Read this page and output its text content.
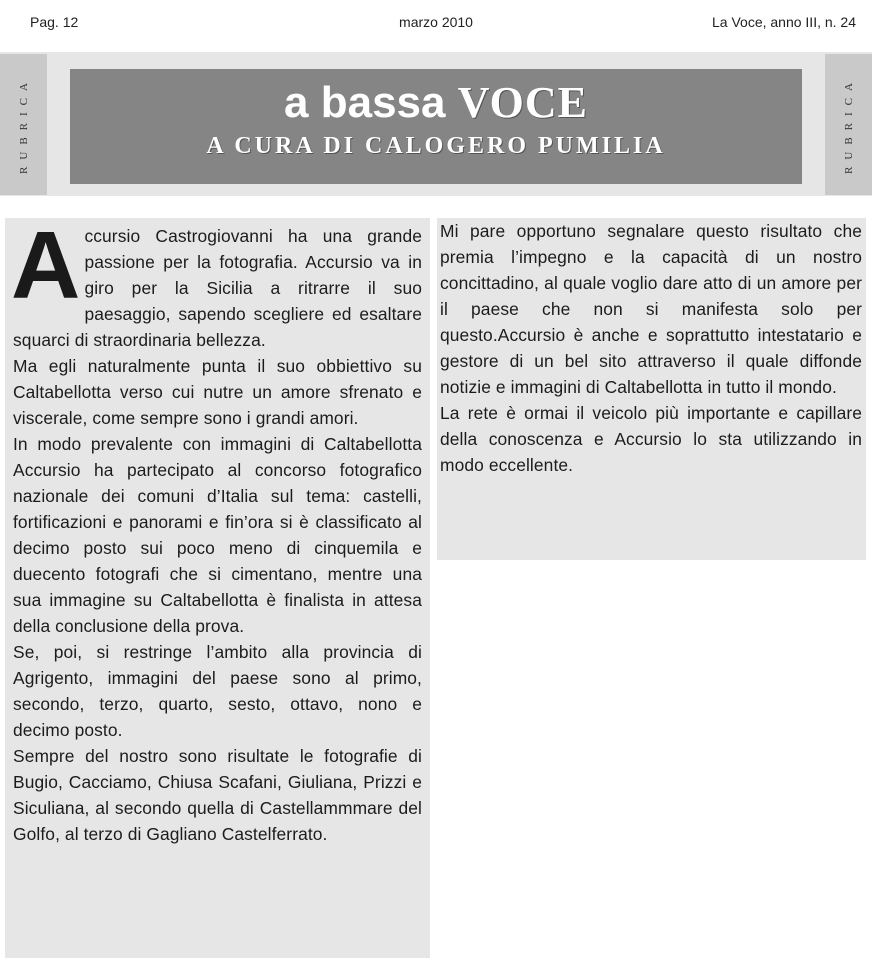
Pag. 12	marzo 2010	La Voce, anno III, n. 24
RUBRICA	RUBRICA
a bassa VOCE
A CURA DI CALOGERO PUMILIA

Accursio Castrogiovanni ha una grande passione per la fotografia. Accursio va in giro per la Sicilia a ritrarre il suo paesaggio, sapendo scegliere ed esaltare squarci di straordinaria bellezza.

Ma egli naturalmente punta il suo obbiettivo su Caltabellotta verso cui nutre un amore sfrenato e viscerale, come sempre sono i grandi amori.

In modo prevalente con immagini di Caltabellotta Accursio ha partecipato al concorso fotografico nazionale dei comuni d’Italia sul tema: castelli, fortificazioni e panorami e fin’ora si è classificato al decimo posto sui poco meno di cinquemila e duecento fotografi che si cimentano, mentre una sua immagine su Caltabellotta è finalista in attesa della conclusione della prova.

Se, poi, si restringe l’ambito alla provincia di Agrigento, immagini del paese sono al primo, secondo, terzo, quarto, sesto, ottavo, nono e decimo posto.

Sempre del nostro sono risultate le fotografie di Bugio, Cacciamo, Chiusa Scafani, Giuliana, Prizzi e Siculiana, al secondo quella di Castellammmare del Golfo, al terzo di Gagliano Castelferrato.

Mi pare opportuno segnalare questo risultato che premia l’impegno e la capacità di un nostro concittadino, al quale voglio dare atto di un amore per il paese che non si manifesta solo per questo.Accursio è anche e soprattutto intestatario e gestore di un bel sito attraverso il quale diffonde notizie e immagini di Caltabellotta in tutto il mondo.

La rete è ormai il veicolo più importante e capillare della conoscenza e Accursio lo sta utilizzando in modo eccellente.
